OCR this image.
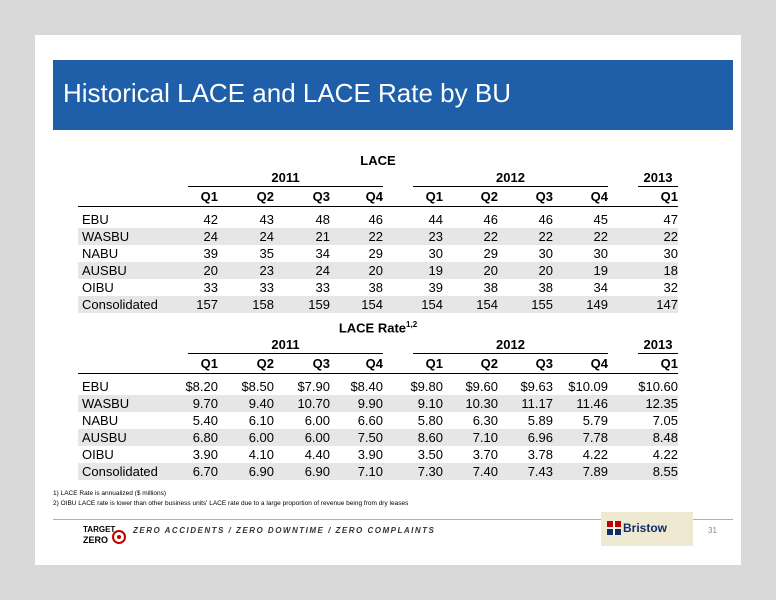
Historical LACE and LACE Rate by BU
LACE
2011	2012	2013
Q1	Q2	Q3	Q4	Q1	Q2	Q3	Q4	Q1
EBU	42	43	48	46	44	46	46	45	47
WASBU	24	24	21	22	23	22	22	22	22
NABU	39	35	34	29	30	29	30	30	30
AUSBU	20	23	24	20	19	20	20	19	18
OIBU	33	33	33	38	39	38	38	34	32
Consolidated	157	158	159	154	154	154	155	149	147
LACE Rate$^{1,2}$
2011	2012	2013
Q1	Q2	Q3	Q4	Q1	Q2	Q3	Q4	Q1
EBU	$8.20	$8.50	$7.90	$8.40	$9.80	$9.60	$9.63	$10.09	$10.60
WASBU	9.70	9.40	10.70	9.90	9.10	10.30	11.17	11.46	12.35
NABU	5.40	6.10	6.00	6.60	5.80	6.30	5.89	5.79	7.05
AUSBU	6.80	6.00	6.00	7.50	8.60	7.10	6.96	7.78	8.48
OIBU	3.90	4.10	4.40	3.90	3.50	3.70	3.78	4.22	4.22
Consolidated	6.70	6.90	6.90	7.10	7.30	7.40	7.43	7.89	8.55
1) LACE Rate is annualized ($ millions)
2) OIBU LACE rate is lower than other business units' LACE rate due to a large proportion of revenue being from dry leases
TARGET
ZERO
ZERO ACCIDENTS / ZERO DOWNTIME / ZERO COMPLAINTS	Bristow	31
